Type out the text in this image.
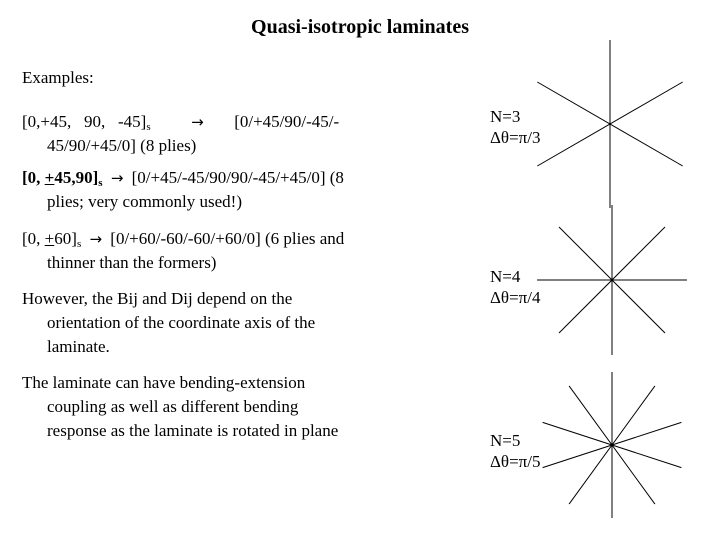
Quasi-isotropic laminates
Examples:
[0,+45,   90,   $-45]_s$	→ [0/+45/90/-45/-
45/90/+45/0] (8 plies)
[0, $+45,90]_s \to [0/+45/-45/90/90/-45/+45/0]$ (8
plies; very commonly used!)
[0, $+60]_s \to [0/+60/-60/-60/+60/0]$ (6 plies and
thinner than the formers)
However, the Bij and Dij depend on the
orientation of the coordinate axis of the
laminate.
The laminate can have bending-extension
coupling as well as different bending
response as the laminate is rotated in plane
N=3
Δθ=π/3
N=4
Δθ=π/4
N=5
Δθ=π/5
